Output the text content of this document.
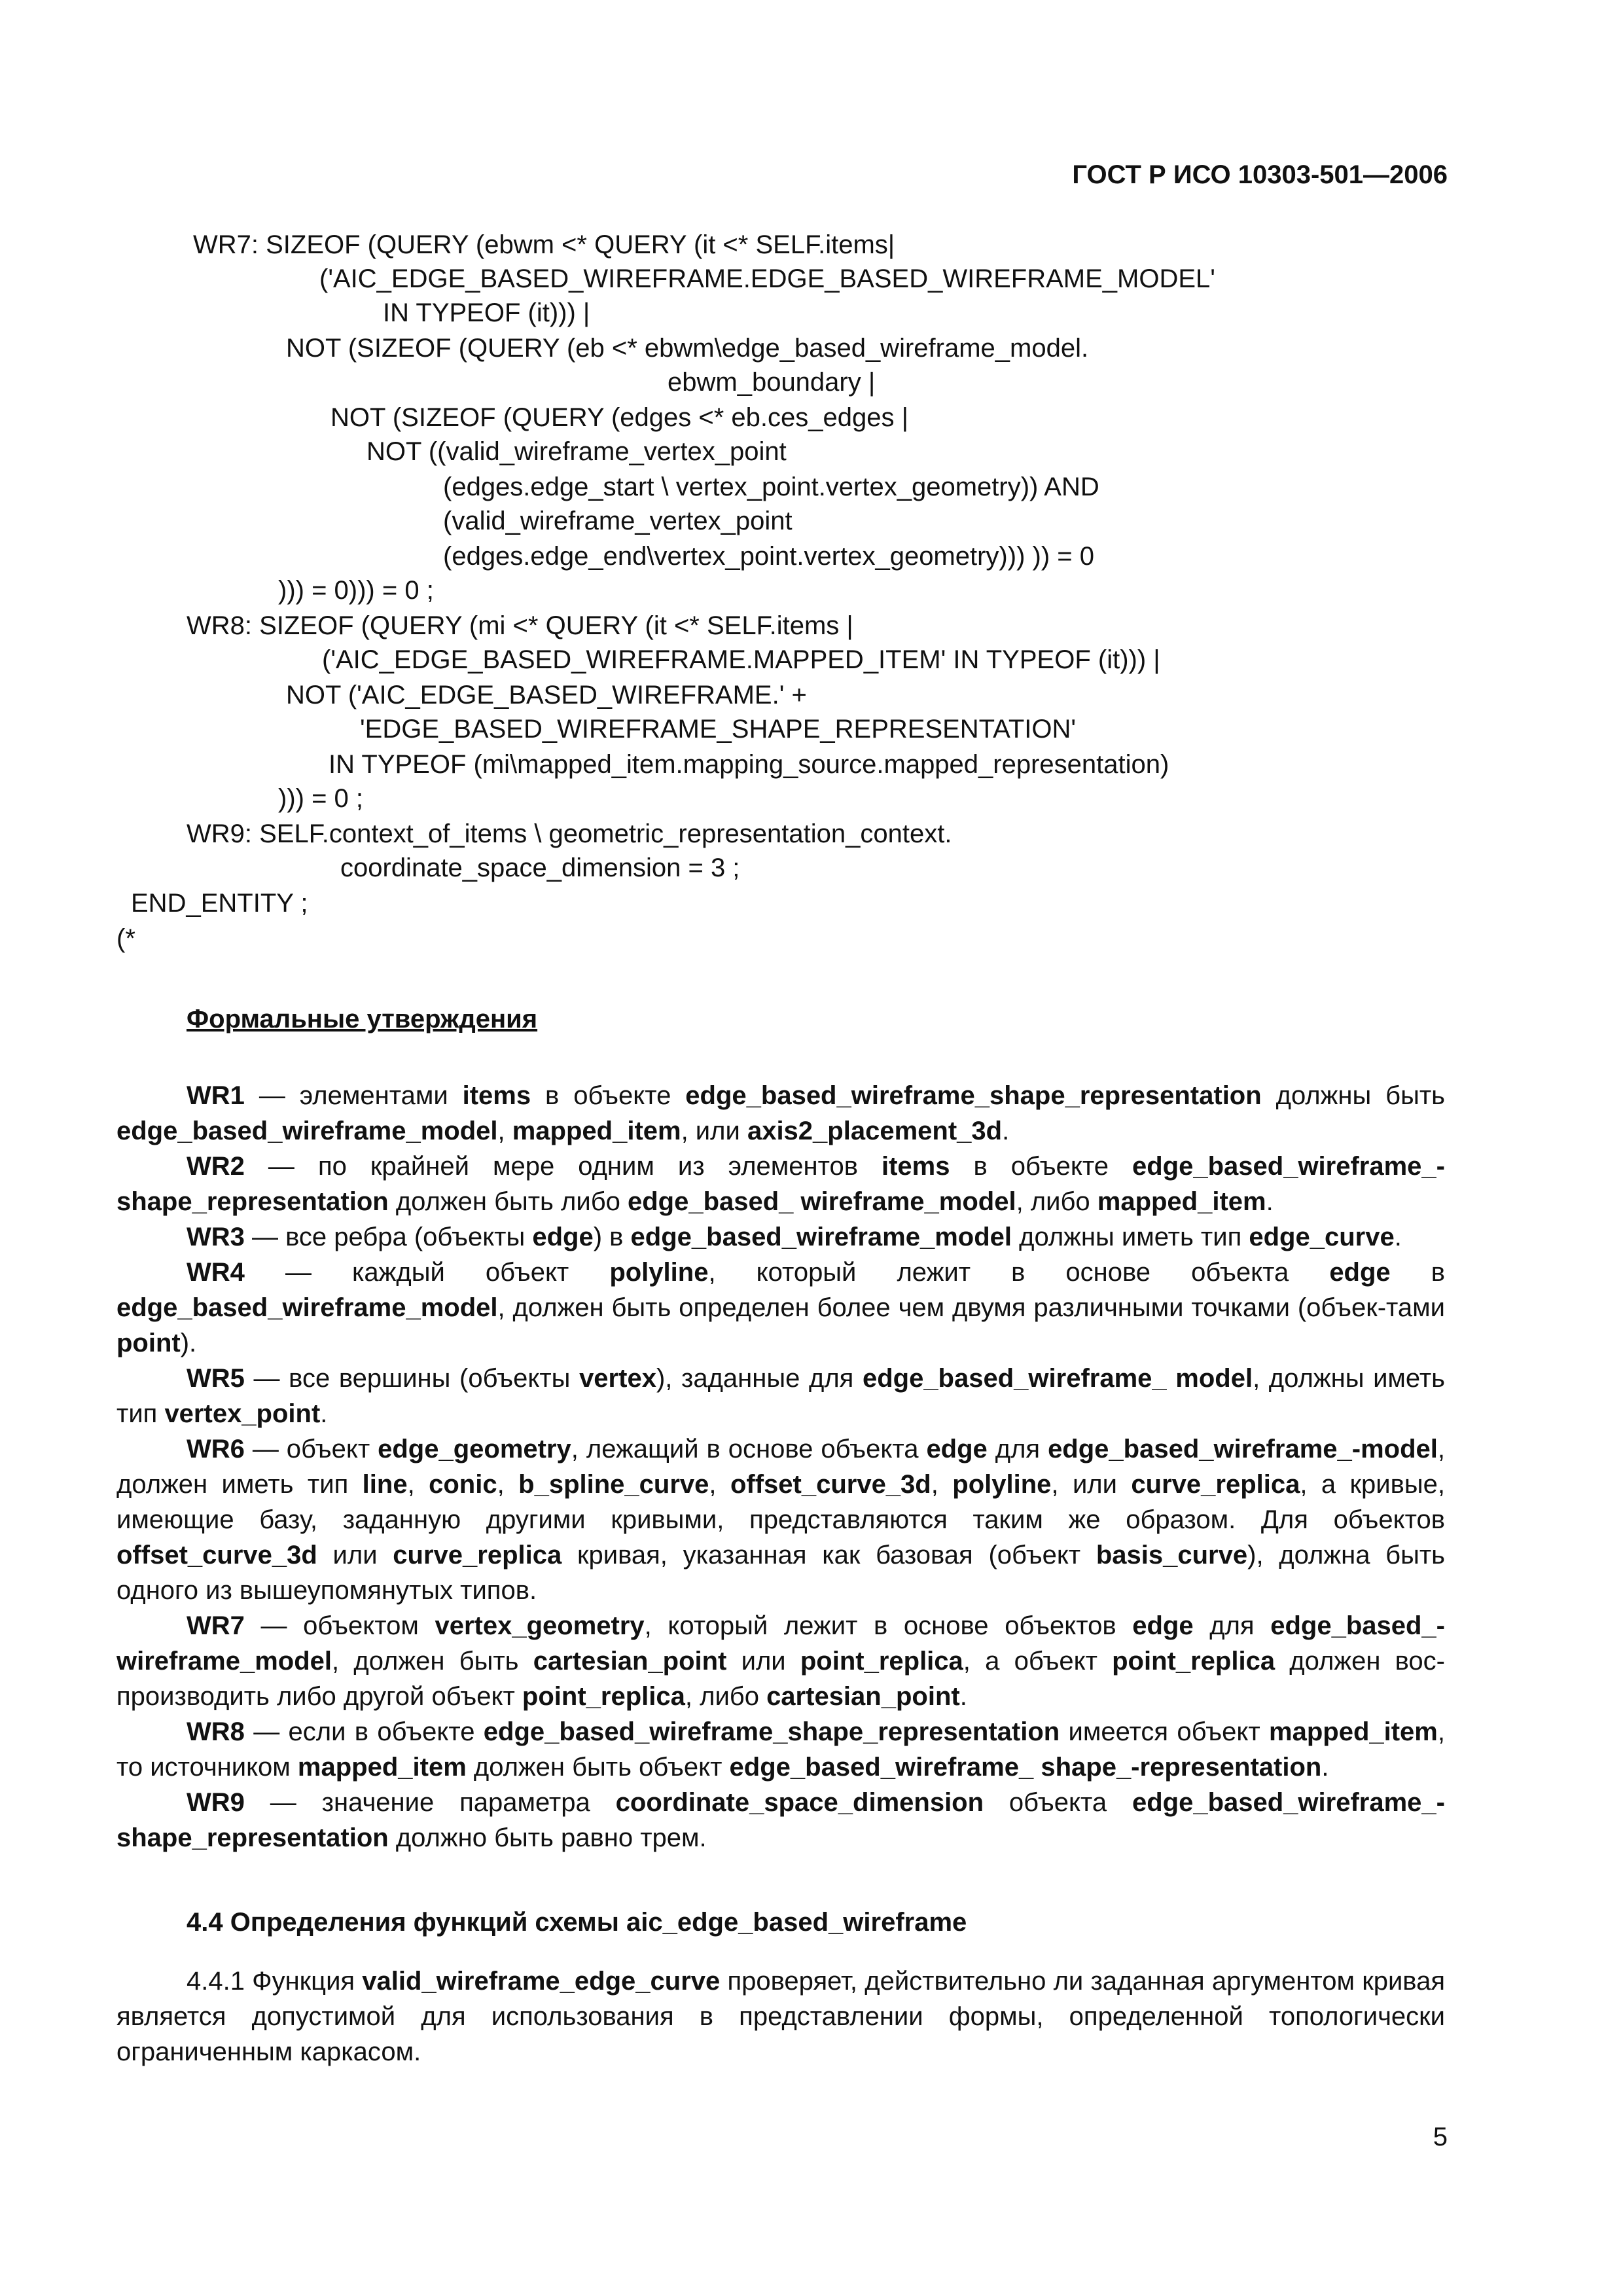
ГОСТ Р ИСО 10303-501—2006
WR7: SIZEOF (QUERY (ebwm <* QUERY (it <* SELF.items|
('AIC_EDGE_BASED_WIREFRAME.EDGE_BASED_WIREFRAME_MODEL'
IN TYPEOF (it))) |
NOT (SIZEOF (QUERY (eb <* ebwm\edge_based_wireframe_model.
ebwm_boundary |
NOT (SIZEOF (QUERY (edges <* eb.ces_edges |
NOT ((valid_wireframe_vertex_point
(edges.edge_start \ vertex_point.vertex_geometry)) AND
(valid_wireframe_vertex_point
(edges.edge_end\vertex_point.vertex_geometry))) )) = 0
))) = 0))) = 0 ;
WR8: SIZEOF (QUERY (mi <* QUERY (it <* SELF.items |
('AIC_EDGE_BASED_WIREFRAME.MAPPED_ITEM' IN TYPEOF (it))) |
NOT ('AIC_EDGE_BASED_WIREFRAME.' +
'EDGE_BASED_WIREFRAME_SHAPE_REPRESENTATION'
IN TYPEOF (mi\mapped_item.mapping_source.mapped_representation)
))) = 0 ;
WR9: SELF.context_of_items \ geometric_representation_context.
coordinate_space_dimension = 3 ;
END_ENTITY ;
(*
Формальные утверждения

WR1 — элементами items в объекте edge_based_wireframe_shape_representation должны быть edge_based_wireframe_model, mapped_item, или axis2_placement_3d.

WR2 — по крайней мере одним из элементов items в объекте edge_based_wireframe_-shape_representation должен быть либо edge_based_ wireframe_model, либо mapped_item.

WR3 — все ребра (объекты edge) в edge_based_wireframe_model должны иметь тип edge_curve.

WR4 — каждый объект polyline, который лежит в основе объекта edge в edge_based_wireframe_model, должен быть определен более чем двумя различными точками (объек-тами point).

WR5 — все вершины (объекты vertex), заданные для edge_based_wireframe_ model, должны иметь тип vertex_point.

WR6 — объект edge_geometry, лежащий в основе объекта edge для edge_based_wireframe_-model, должен иметь тип line, conic, b_spline_curve, offset_curve_3d, polyline, или curve_replica, а кривые, имеющие базу, заданную другими кривыми, представляются таким же образом. Для объектов offset_curve_3d или curve_replica кривая, указанная как базовая (объект basis_curve), должна быть одного из вышеупомянутых типов.

WR7 — объектом vertex_geometry, который лежит в основе объектов edge для edge_based_-wireframe_model, должен быть cartesian_point или point_replica, а объект point_replica должен вос-производить либо другой объект point_replica, либо cartesian_point.

WR8 — если в объекте edge_based_wireframe_shape_representation имеется объект mapped_item, то источником mapped_item должен быть объект edge_based_wireframe_ shape_-representation.

WR9 — значение параметра coordinate_space_dimension объекта edge_based_wireframe_-shape_representation должно быть равно трем.

4.4 Определения функций схемы aic_edge_based_wireframe

4.4.1 Функция valid_wireframe_edge_curve проверяет, действительно ли заданная аргументом кривая является допустимой для использования в представлении формы, определенной топологически ограниченным каркасом.

5
